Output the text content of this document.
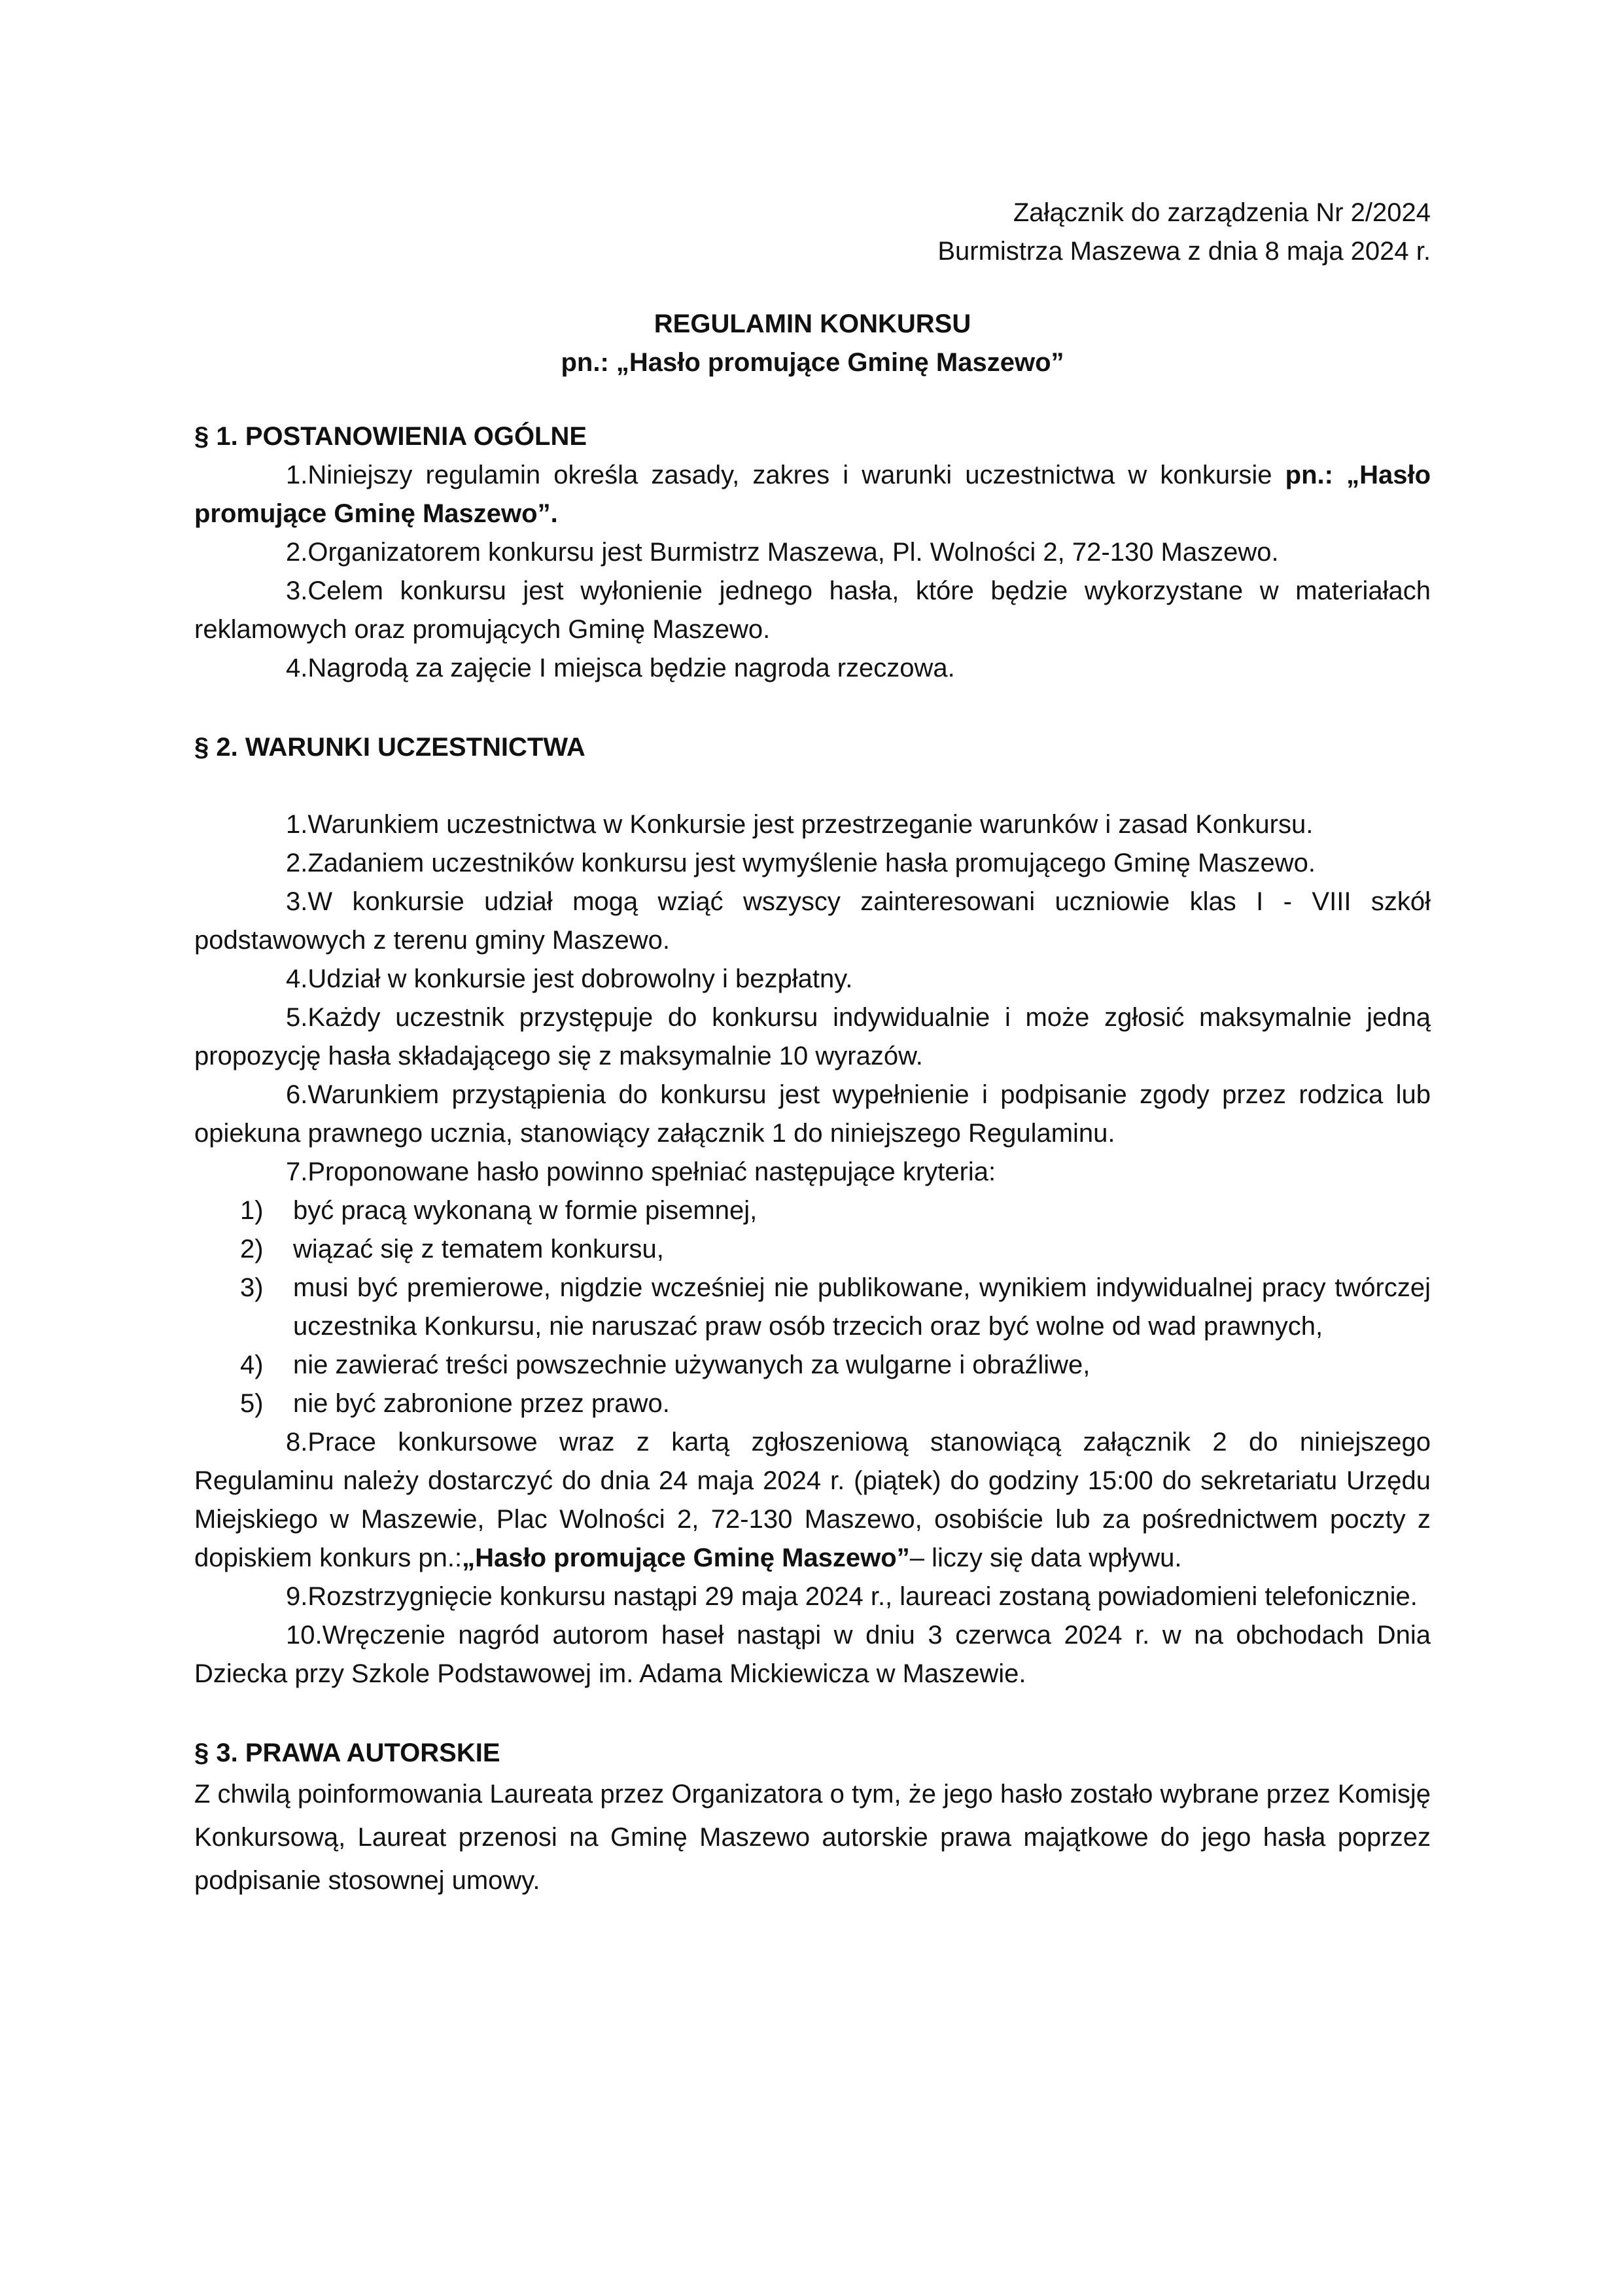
Załącznik do zarządzenia Nr 2/2024

Burmistrza Maszewa z dnia 8 maja 2024 r.

REGULAMIN KONKURSU
pn.: „Hasło promujące Gminę Maszewo”

§ 1. POSTANOWIENIA OGÓLNE

1.Niniejszy regulamin określa zasady, zakres i warunki uczestnictwa w konkursie pn.: „Hasło promujące Gminę Maszewo”.

2.Organizatorem konkursu jest Burmistrz Maszewa, Pl. Wolności 2, 72-130 Maszewo.

3.Celem konkursu jest wyłonienie jednego hasła, które będzie wykorzystane w materiałach reklamowych oraz promujących Gminę Maszewo.

4.Nagrodą za zajęcie I miejsca będzie nagroda rzeczowa.

§ 2. WARUNKI UCZESTNICTWA

1.Warunkiem uczestnictwa w Konkursie jest przestrzeganie warunków i zasad Konkursu.

2.Zadaniem uczestników konkursu jest wymyślenie hasła promującego Gminę Maszewo.

3.W konkursie udział mogą wziąć wszyscy zainteresowani uczniowie klas I - VIII szkół podstawowych z terenu gminy Maszewo.

4.Udział w konkursie jest dobrowolny i bezpłatny.

5.Każdy uczestnik przystępuje do konkursu indywidualnie i może zgłosić maksymalnie jedną propozycję hasła składającego się z maksymalnie 10 wyrazów.

6.Warunkiem przystąpienia do konkursu jest wypełnienie i podpisanie zgody przez rodzica lub opiekuna prawnego ucznia, stanowiący załącznik 1 do niniejszego Regulaminu.

7.Proponowane hasło powinno spełniać następujące kryteria:

1) być pracą wykonaną w formie pisemnej,

2) wiązać się z tematem konkursu,

3) musi być premierowe, nigdzie wcześniej nie publikowane, wynikiem indywidualnej pracy twórczej uczestnika Konkursu, nie naruszać praw osób trzecich oraz być wolne od wad prawnych,

4) nie zawierać treści powszechnie używanych za wulgarne i obraźliwe,

5) nie być zabronione przez prawo.

8.Prace konkursowe wraz z kartą zgłoszeniową stanowiącą załącznik 2 do niniejszego Regulaminu należy dostarczyć do dnia 24 maja 2024 r. (piątek) do godziny 15:00 do sekretariatu Urzędu Miejskiego w Maszewie, Plac Wolności 2, 72-130 Maszewo, osobiście lub za pośrednictwem poczty z dopiskiem konkurs pn.:„Hasło promujące Gminę Maszewo”– liczy się data wpływu.

9.Rozstrzygnięcie konkursu nastąpi 29 maja 2024 r., laureaci zostaną powiadomieni telefonicznie.

10.Wręczenie nagród autorom haseł nastąpi w dniu 3 czerwca 2024 r. w na obchodach Dnia Dziecka przy Szkole Podstawowej im. Adama Mickiewicza w Maszewie.

§ 3. PRAWA AUTORSKIE

Z chwilą poinformowania Laureata przez Organizatora o tym, że jego hasło zostało wybrane przez Komisję Konkursową, Laureat przenosi na Gminę Maszewo autorskie prawa majątkowe do jego hasła poprzez podpisanie stosownej umowy.
